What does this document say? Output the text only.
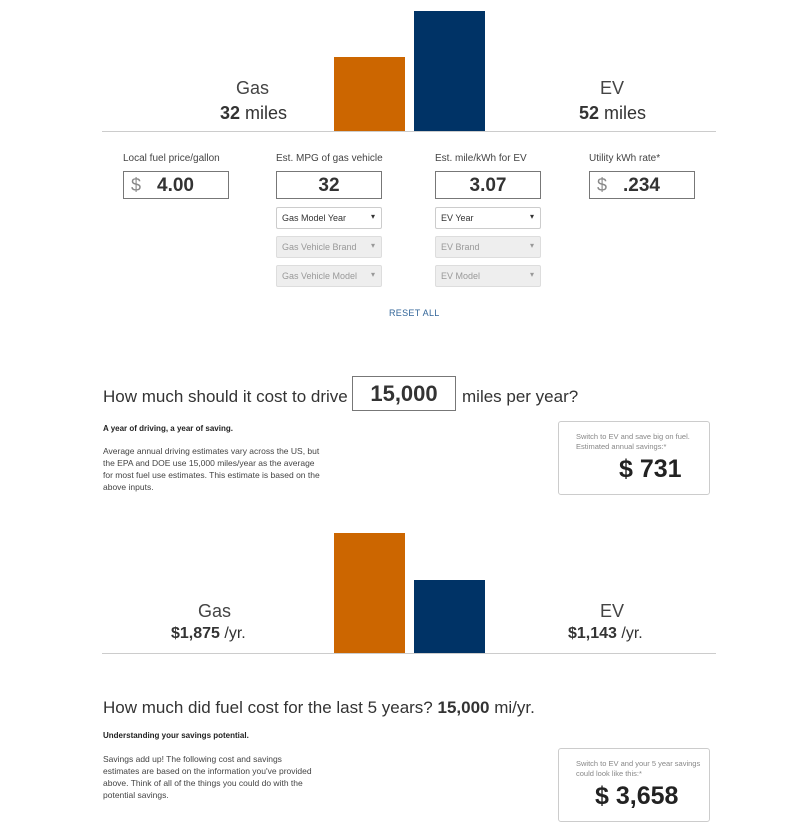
Gas
32 miles
EV
52 miles
Local fuel price/gallon
$ 4.00
Est. MPG of gas vehicle
32
Est. mile/kWh for EV
3.07
Utility kWh rate*
$ .234
Gas Model Year	▾
Gas Vehicle Brand ▾
Gas Vehicle Model ▾
EV Year	▾
EV Brand	▾
EV Model	▾
RESET ALL
How much should it cost to drive	15,000	miles per year?
A year of driving, a year of saving.
Average annual driving estimates vary across the US, but the EPA and DOE use 15,000 miles/year as the average for most fuel use estimates. This estimate is based on the above inputs.
Switch to EV and save big on fuel. Estimated annual savings:*
$ 731
Gas
$1,875 /yr.
EV
$1,143 /yr.
How much did fuel cost for the last 5 years? 15,000 mi/yr.
Understanding your savings potential.
Savings add up! The following cost and savings estimates are based on the information you've provided above. Think of all of the things you could do with the potential savings.
Switch to EV and your 5 year savings could look like this:*
$ 3,658
